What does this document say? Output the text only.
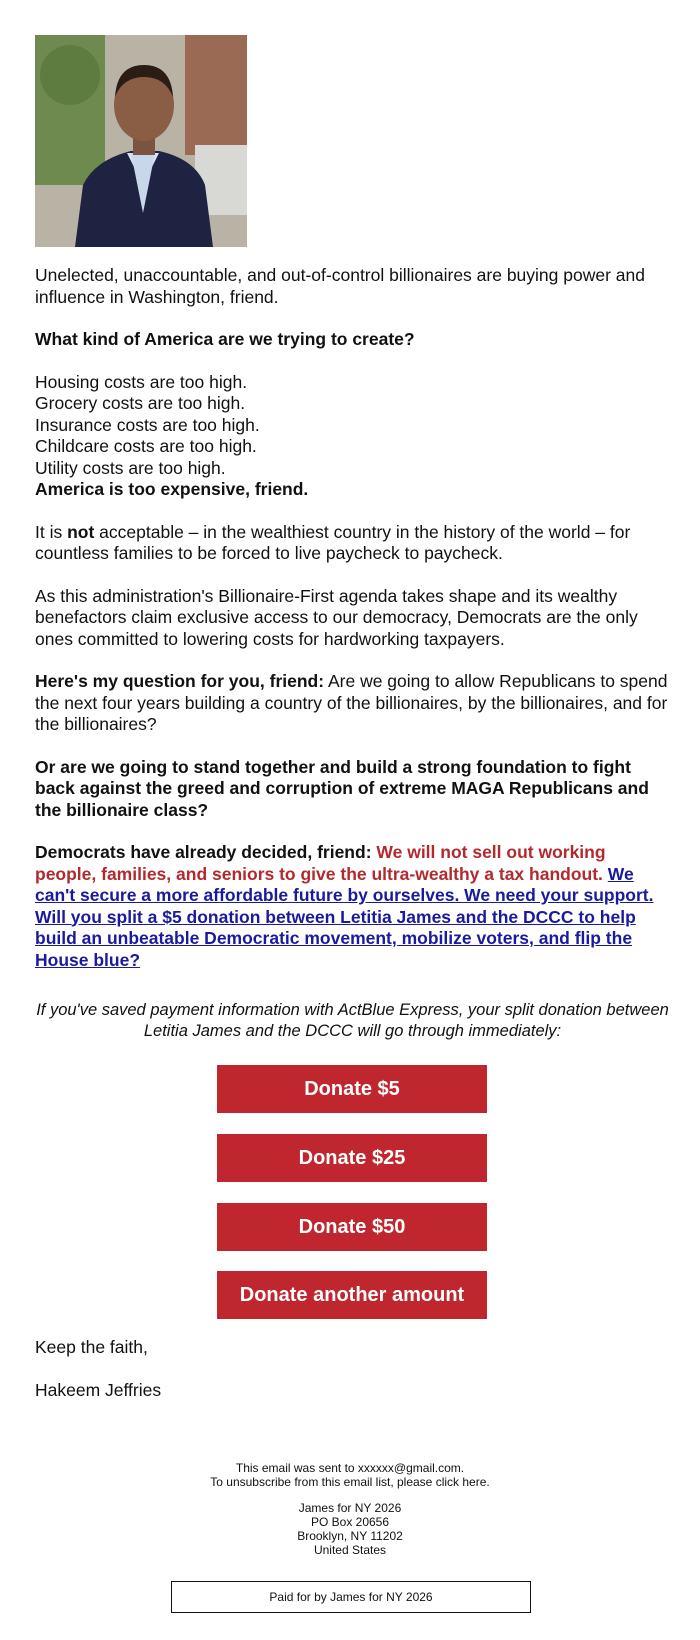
Unelected, unaccountable, and out-of-control billionaires are buying power and influence in Washington, friend.

What kind of America are we trying to create?

Housing costs are too high.
Grocery costs are too high.
Insurance costs are too high.
Childcare costs are too high.
Utility costs are too high.
America is too expensive, friend.

It is not acceptable – in the wealthiest country in the history of the world – for countless families to be forced to live paycheck to paycheck.

As this administration's Billionaire-First agenda takes shape and its wealthy benefactors claim exclusive access to our democracy, Democrats are the only ones committed to lowering costs for hardworking taxpayers.

Here's my question for you, friend: Are we going to allow Republicans to spend the next four years building a country of the billionaires, by the billionaires, and for the billionaires?

Or are we going to stand together and build a strong foundation to fight back against the greed and corruption of extreme MAGA Republicans and the billionaire class?

Democrats have already decided, friend: We will not sell out working people, families, and seniors to give the ultra-wealthy a tax handout. We can't secure a more affordable future by ourselves. We need your support. Will you split a $5 donation between Letitia James and the DCCC to help build an unbeatable Democratic movement, mobilize voters, and flip the House blue?

If you've saved payment information with ActBlue Express, your split donation between Letitia James and the DCCC will go through immediately:
Donate $5
Donate $25
Donate $50
Donate another amount

Keep the faith,

Hakeem Jeffries

This email was sent to xxxxxx@gmail.com.
To unsubscribe from this email list, please click here.
James for NY 2026
PO Box 20656
Brooklyn, NY 11202
United States
Paid for by James for NY 2026
